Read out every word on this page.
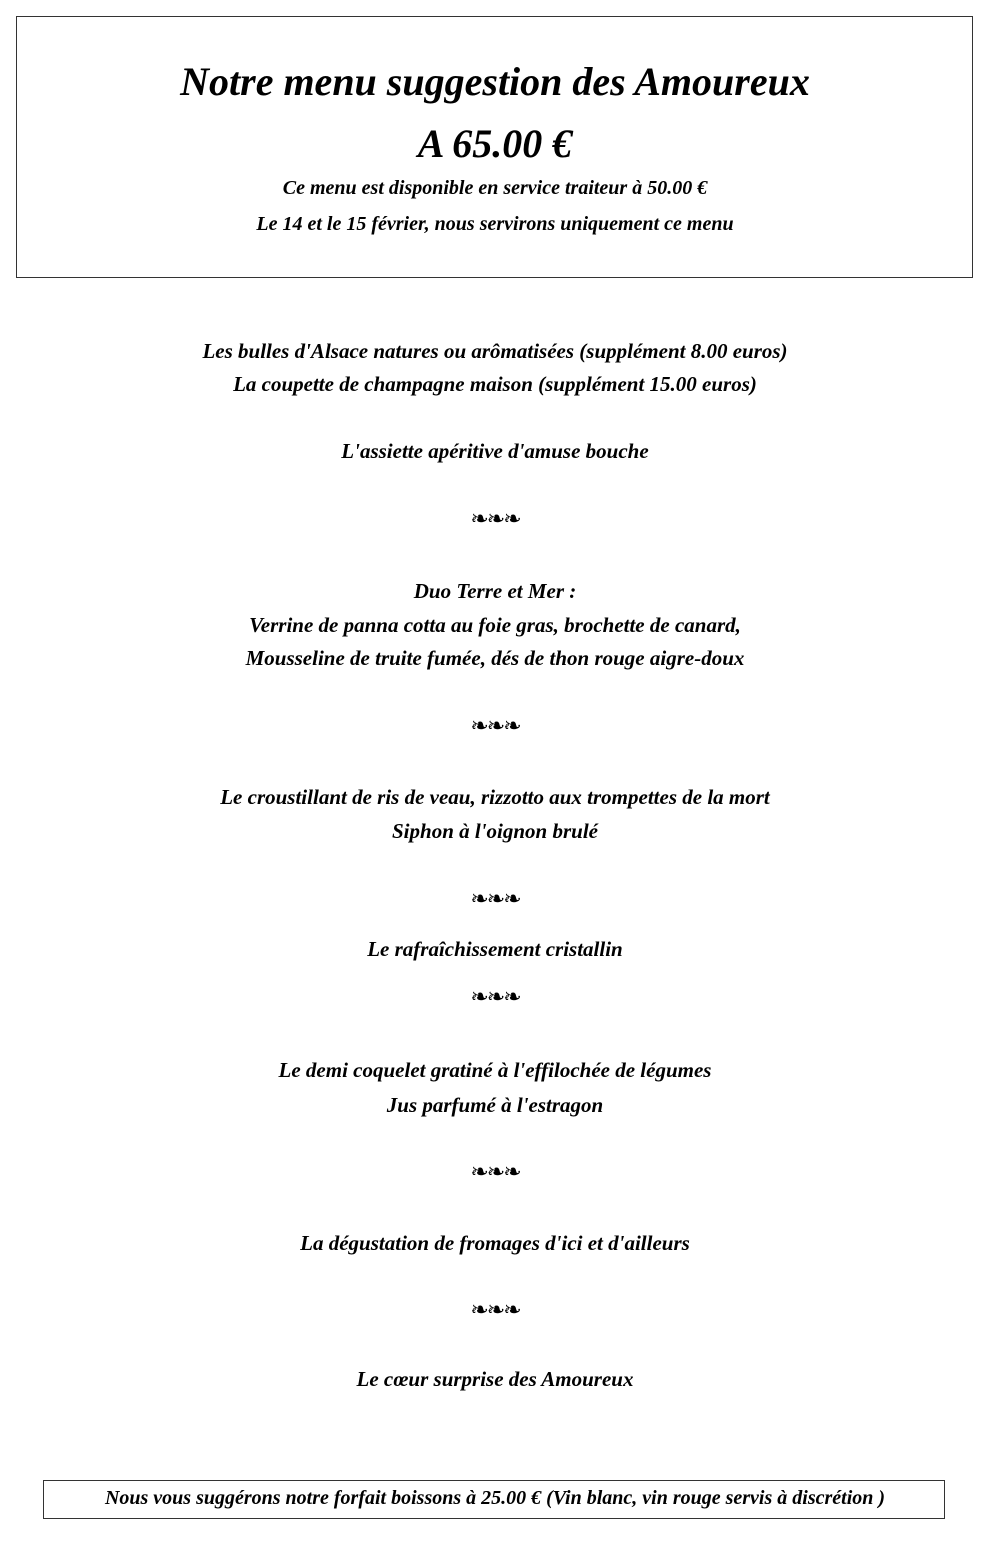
Notre menu suggestion des Amoureux
A 65.00 €
Ce menu est disponible en service traiteur à 50.00 €
Le 14 et le 15 février, nous servirons uniquement ce menu
Les bulles d'Alsace natures ou arômatisées (supplément 8.00 euros)
La coupette de champagne maison (supplément 15.00 euros)
L'assiette apéritive d'amuse bouche
❧❧❧
Duo Terre et Mer :
Verrine de panna cotta au foie gras, brochette de canard,
Mousseline de truite fumée, dés de thon rouge aigre-doux
❧❧❧
Le croustillant de ris de veau, rizzotto aux trompettes de la mort
Siphon à l'oignon brulé
❧❧❧
Le rafraîchissement cristallin
❧❧❧
Le demi coquelet gratiné à l'effilochée de légumes
Jus parfumé à l'estragon
❧❧❧
La dégustation de fromages d'ici et d'ailleurs
❧❧❧
Le cœur surprise des Amoureux
Nous vous suggérons notre forfait boissons à 25.00 € (Vin blanc, vin rouge servis à discrétion )
